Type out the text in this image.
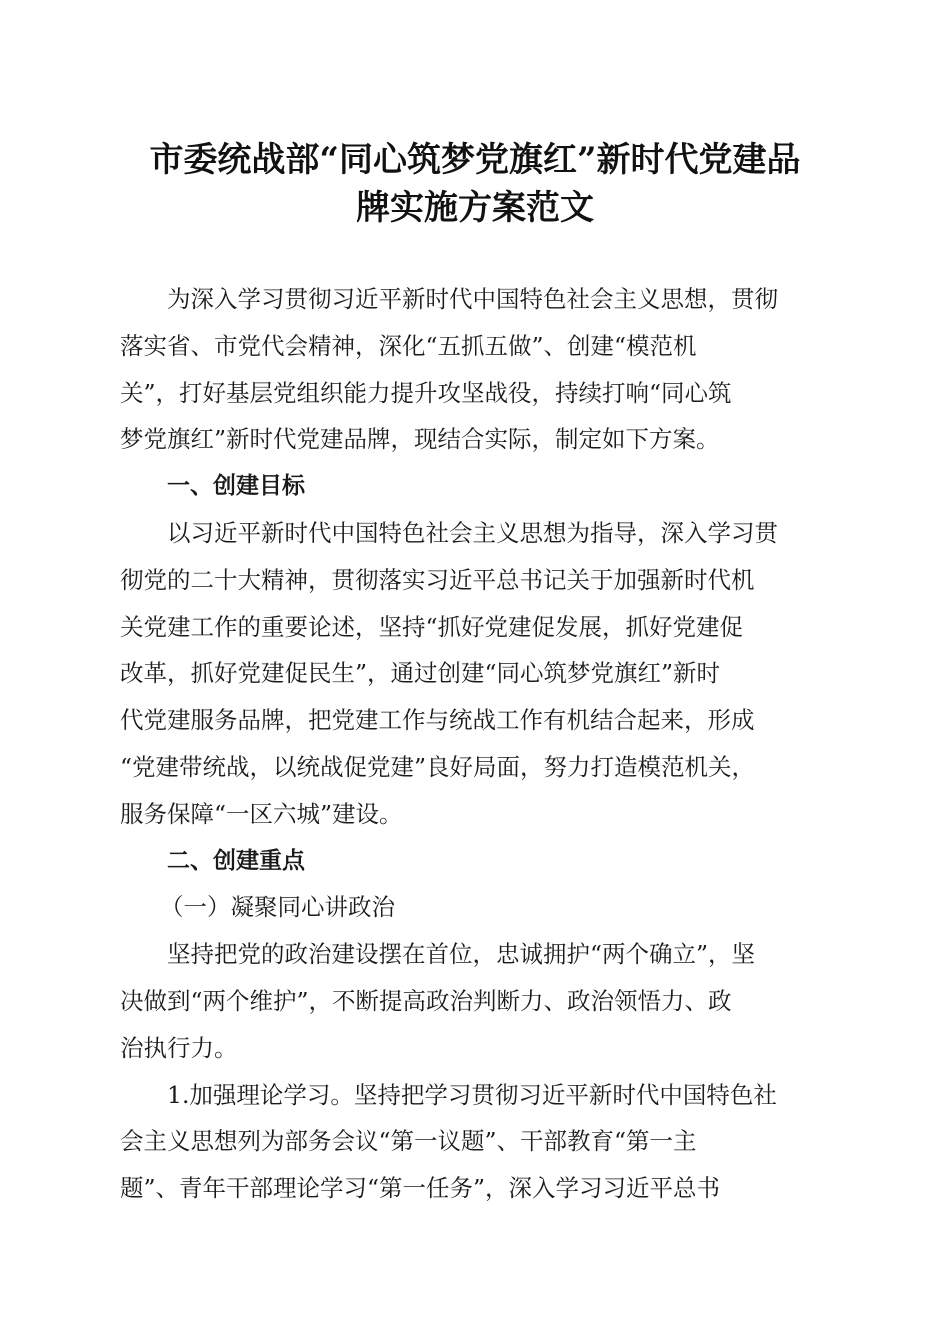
市委统战部“同心筑梦党旗红”新时代党建品
牌实施方案范文
为深入学习贯彻习近平新时代中国特色社会主义思想，贯彻
落实省、市党代会精神，深化“五抓五做”、创建“模范机
关”，打好基层党组织能力提升攻坚战役，持续打响“同心筑
梦党旗红”新时代党建品牌，现结合实际，制定如下方案。
一、创建目标
以习近平新时代中国特色社会主义思想为指导，深入学习贯
彻党的二十大精神，贯彻落实习近平总书记关于加强新时代机
关党建工作的重要论述，坚持“抓好党建促发展，抓好党建促
改革，抓好党建促民生”，通过创建“同心筑梦党旗红”新时
代党建服务品牌，把党建工作与统战工作有机结合起来，形成
“党建带统战，以统战促党建”良好局面，努力打造模范机关，
服务保障“一区六城”建设。
二、创建重点
（一）凝聚同心讲政治
坚持把党的政治建设摆在首位，忠诚拥护“两个确立”，坚
决做到“两个维护”，不断提高政治判断力、政治领悟力、政
治执行力。
1.加强理论学习。坚持把学习贯彻习近平新时代中国特色社
会主义思想列为部务会议“第一议题”、干部教育“第一主
题”、青年干部理论学习“第一任务”，深入学习习近平总书
